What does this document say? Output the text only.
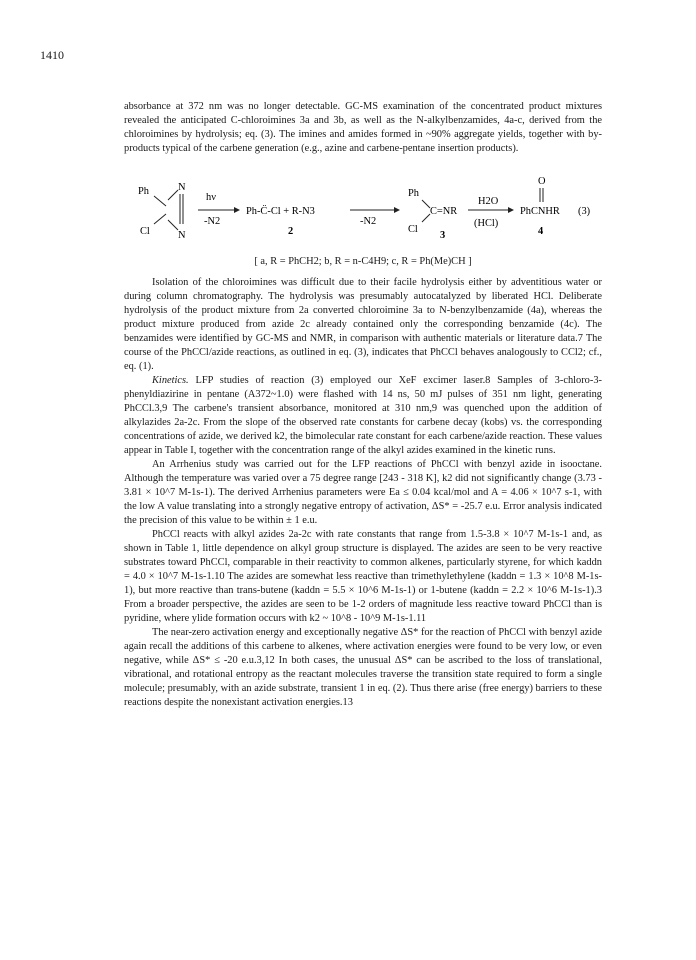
1410

absorbance at 372 nm was no longer detectable. GC-MS examination of the concentrated product mixtures revealed the anticipated C-chloroimines 3a and 3b, as well as the N-alkylbenzamides, 4a-c, derived from the chloroimines by hydrolysis; eq. (3). The imines and amides formed in ~90% aggregate yields, together with by-products typical of the carbene generation (e.g., azine and carbene-pentane insertion products).

Ph
Cl
N
N
hν
-N2
Ph-C̈-Cl + R-N3
2
-N2
Ph
C=NR
Cl
3
H2O
(HCl)
O
PhCNHR
4
(3)
[ a, R = PhCH2; b, R = n-C4H9; c, R = Ph(Me)CH ]

Isolation of the chloroimines was difficult due to their facile hydrolysis either by adventitious water or during column chromatography. The hydrolysis was presumably autocatalyzed by liberated HCl. Deliberate hydrolysis of the product mixture from 2a converted chloroimine 3a to N-benzylbenzamide (4a), whereas the product mixture produced from azide 2c already contained only the corresponding benzamide (4c). The benzamides were identified by GC-MS and NMR, in comparison with authentic materials or literature data.7 The course of the PhCCl/azide reactions, as outlined in eq. (3), indicates that PhCCl behaves analogously to CCl2; cf., eq. (1).

Kinetics. LFP studies of reaction (3) employed our XeF excimer laser.8 Samples of 3-chloro-3-phenyldiazirine in pentane (A372~1.0) were flashed with 14 ns, 50 mJ pulses of 351 nm light, generating PhCCl.3,9 The carbene's transient absorbance, monitored at 310 nm,9 was quenched upon the addition of alkylazides 2a-2c. From the slope of the observed rate constants for carbene decay (kobs) vs. the corresponding concentrations of azide, we derived k2, the bimolecular rate constant for each carbene/azide reaction. These values appear in Table I, together with the concentration range of the alkyl azides examined in the kinetic runs.

An Arrhenius study was carried out for the LFP reactions of PhCCl with benzyl azide in isooctane. Although the temperature was varied over a 75 degree range [243 - 318 K], k2 did not significantly change (3.73 - 3.81 × 10^7 M-1s-1). The derived Arrhenius parameters were Ea ≤ 0.04 kcal/mol and A = 4.06 × 10^7 s-1, with the low A value translating into a strongly negative entropy of activation, ΔS* = -25.7 e.u. Error analysis indicated the precision of this value to be within ± 1 e.u.

PhCCl reacts with alkyl azides 2a-2c with rate constants that range from 1.5-3.8 × 10^7 M-1s-1 and, as shown in Table 1, little dependence on alkyl group structure is displayed. The azides are seen to be very reactive substrates toward PhCCl, comparable in their reactivity to common alkenes, particularly styrene, for which kaddn = 4.0 × 10^7 M-1s-1.10 The azides are somewhat less reactive than trimethylethylene (kaddn = 1.3 × 10^8 M-1s-1), but more reactive than trans-butene (kaddn = 5.5 × 10^6 M-1s-1) or 1-butene (kaddn = 2.2 × 10^6 M-1s-1).3 From a broader perspective, the azides are seen to be 1-2 orders of magnitude less reactive toward PhCCl than is pyridine, where ylide formation occurs with k2 ~ 10^8 - 10^9 M-1s-1.11

The near-zero activation energy and exceptionally negative ΔS* for the reaction of PhCCl with benzyl azide again recall the additions of this carbene to alkenes, where activation energies were found to be very low, or even negative, while ΔS* ≤ -20 e.u.3,12 In both cases, the unusual ΔS* can be ascribed to the loss of translational, vibrational, and rotational entropy as the reactant molecules traverse the transition state required to form a single molecule; presumably, with an azide substrate, transient 1 in eq. (2). Thus there arise (free energy) barriers to these reactions despite the nonexistant activation energies.13
